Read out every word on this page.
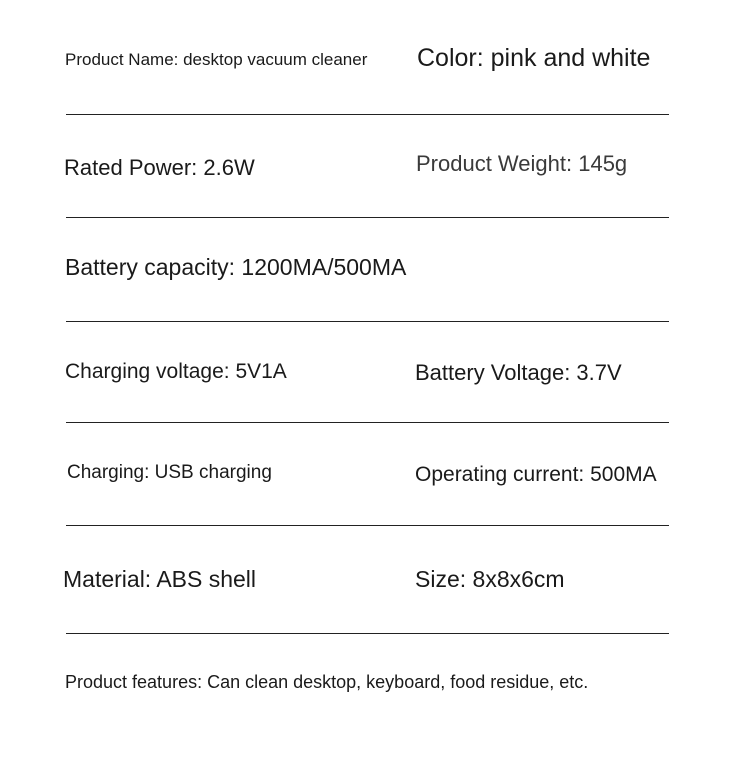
Product Name: desktop vacuum cleaner Color: pink and white
Rated Power: 2.6W	Product Weight: 145g
Battery capacity: 1200MA/500MA
Charging voltage: 5V1A	Battery Voltage: 3.7V
Charging: USB charging	Operating current: 500MA
Material: ABS shell	Size: 8x8x6cm
Product features: Can clean desktop, keyboard, food residue, etc.
